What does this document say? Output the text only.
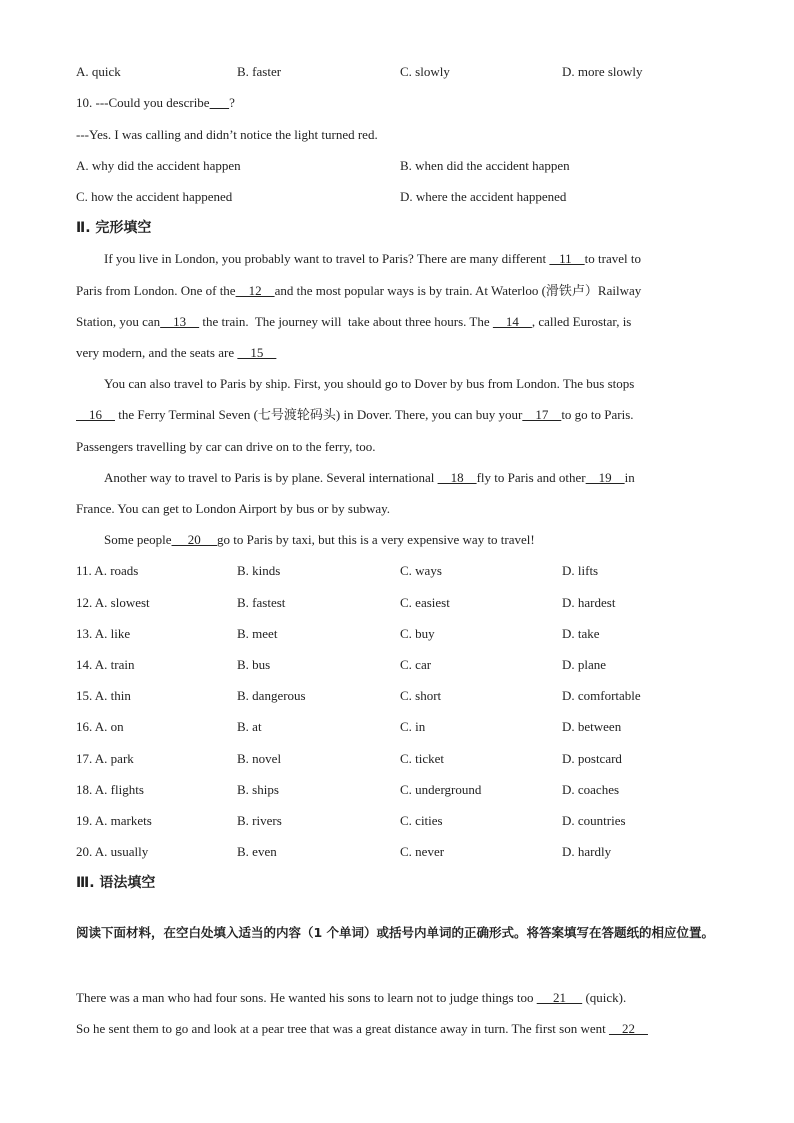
A. quick	B. faster	C. slowly	D. more slowly
10. ---Could you describe ?
---Yes. I was calling and didn’t notice the light turned red.
A. why did the accident happen	B. when did the accident happen
C. how the accident happened	D. where the accident happened
Ⅱ. 完形填空
If you live in London, you probably want to travel to Paris? There are many different    11    to travel to
Paris from London. One of the    12    and the most popular ways is by train. At Waterloo (滑铁卢）Railway
Station, you can    13     the train.  The journey will  take about three hours. The     14    , called Eurostar, is
very modern, and the seats are     15
You can also travel to Paris by ship. First, you should go to Dover by bus from London. The bus stops
16     the Ferry Terminal Seven (七号渡轮码头) in Dover. There, you can buy your    17    to go to Paris.
Passengers travelling by car can drive on to the ferry, too.
Another way to travel to Paris is by plane. Several international     18    fly to Paris and other    19    in
France. You can get to London Airport by bus or by subway.
Some people     20     go to Paris by taxi, but this is a very expensive way to travel!
11. A. roads	B. kinds	C. ways	D. lifts
12. A. slowest	B. fastest	C. easiest	D. hardest
13. A. like	B. meet	C. buy	D. take
14. A. train	B. bus	C. car	D. plane
15. A. thin	B. dangerous	C. short	D. comfortable
16. A. on	B. at	C. in	D. between
17. A. park	B. novel	C. ticket	D. postcard
18. A. flights	B. ships	C. underground	D. coaches
19. A. markets	B. rivers	C. cities	D. countries
20. A. usually	B. even	C. never	D. hardly
Ⅲ. 语法填空
阅读下面材料，在空白处填入适当的内容（1 个单词）或括号内单词的正确形式。将答案填写在答题纸的相应位置。
There was a man who had four sons. He wanted his sons to learn not to judge things too      21      (quick).
So he sent them to go and look at a pear tree that was a great distance away in turn. The first son went     22
